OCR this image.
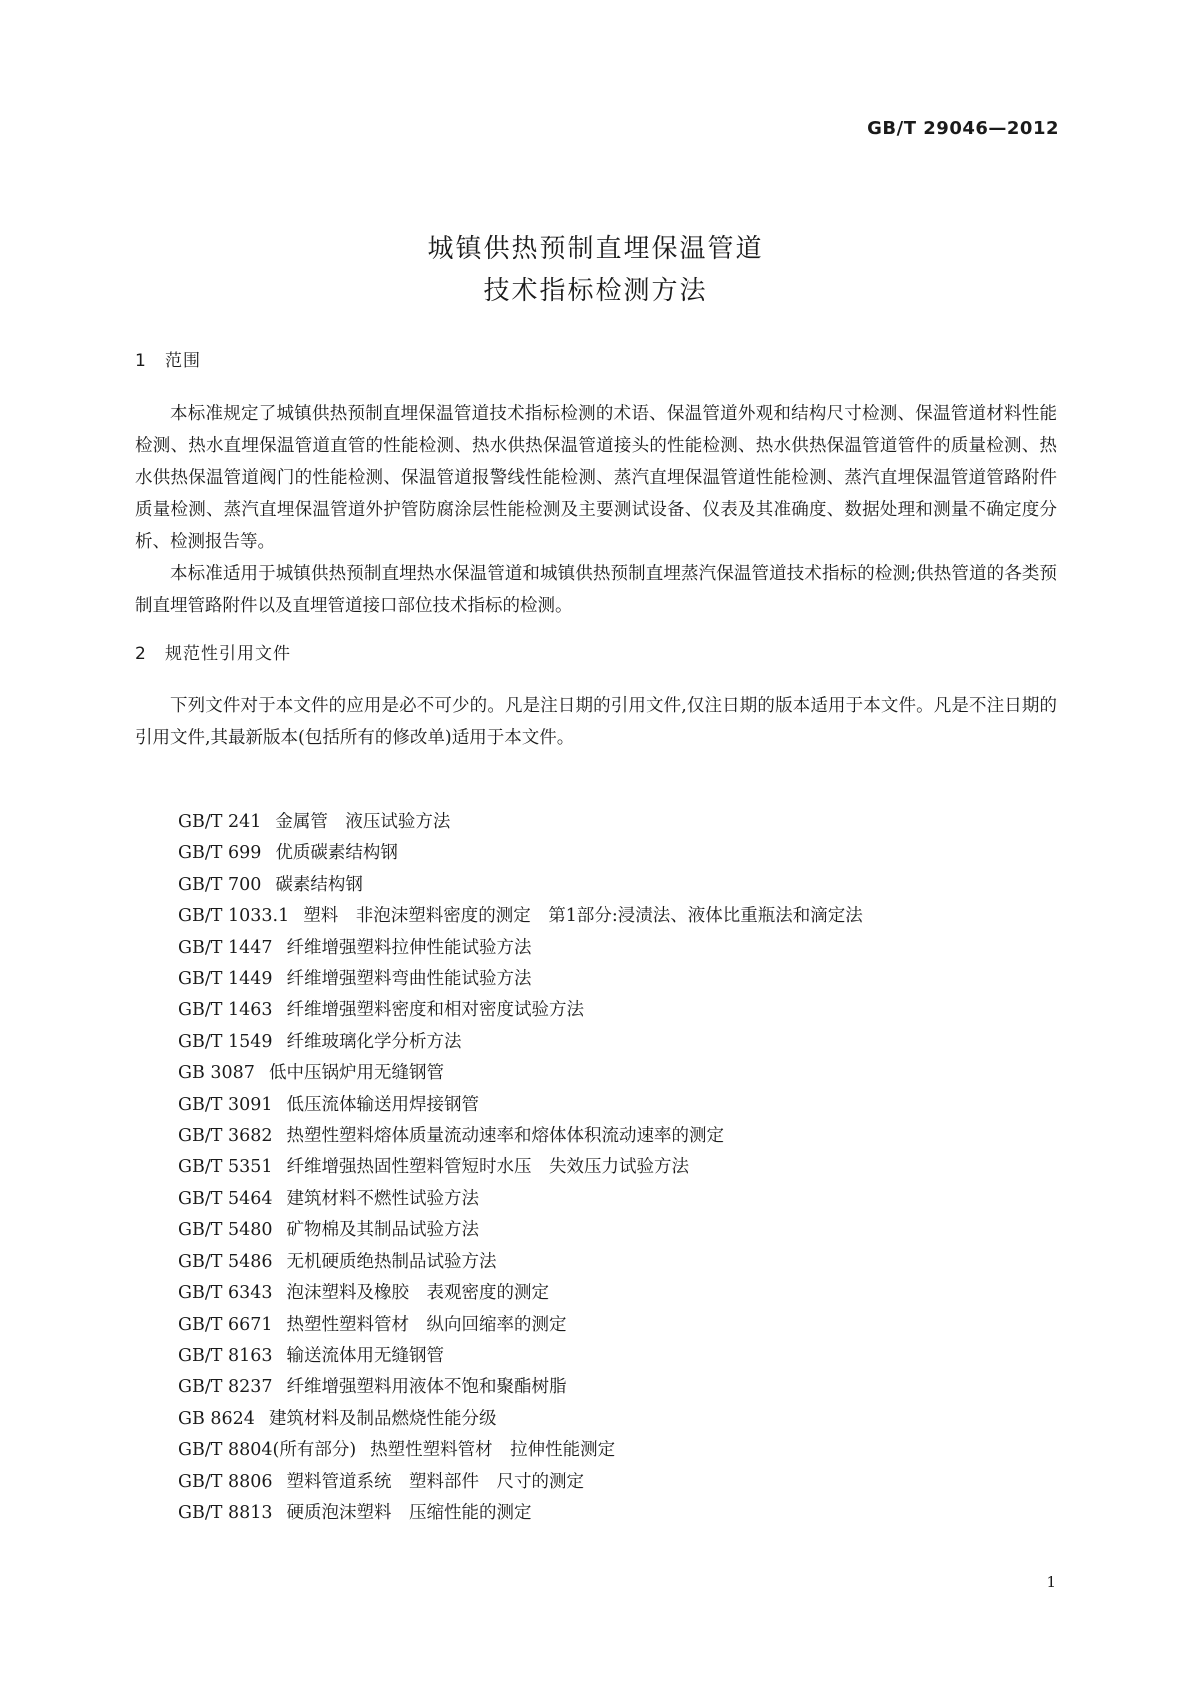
GB/T 29046—2012
城镇供热预制直埋保温管道
技术指标检测方法
1 范围

本标准规定了城镇供热预制直埋保温管道技术指标检测的术语、保温管道外观和结构尺寸检测、保温管道材料性能检测、热水直埋保温管道直管的性能检测、热水供热保温管道接头的性能检测、热水供热保温管道管件的质量检测、热水供热保温管道阀门的性能检测、保温管道报警线性能检测、蒸汽直埋保温管道性能检测、蒸汽直埋保温管道管路附件质量检测、蒸汽直埋保温管道外护管防腐涂层性能检测及主要测试设备、仪表及其准确度、数据处理和测量不确定度分析、检测报告等。

本标准适用于城镇供热预制直埋热水保温管道和城镇供热预制直埋蒸汽保温管道技术指标的检测;供热管道的各类预制直埋管路附件以及直埋管道接口部位技术指标的检测。

2 规范性引用文件

下列文件对于本文件的应用是必不可少的。凡是注日期的引用文件,仅注日期的版本适用于本文件。凡是不注日期的引用文件,其最新版本(包括所有的修改单)适用于本文件。

GB/T 241 金属管　液压试验方法
GB/T 699 优质碳素结构钢
GB/T 700 碳素结构钢
GB/T 1033.1 塑料　非泡沫塑料密度的测定　第1部分:浸渍法、液体比重瓶法和滴定法
GB/T 1447 纤维增强塑料拉伸性能试验方法
GB/T 1449 纤维增强塑料弯曲性能试验方法
GB/T 1463 纤维增强塑料密度和相对密度试验方法
GB/T 1549 纤维玻璃化学分析方法
GB 3087 低中压锅炉用无缝钢管
GB/T 3091 低压流体输送用焊接钢管
GB/T 3682 热塑性塑料熔体质量流动速率和熔体体积流动速率的测定
GB/T 5351 纤维增强热固性塑料管短时水压　失效压力试验方法
GB/T 5464 建筑材料不燃性试验方法
GB/T 5480 矿物棉及其制品试验方法
GB/T 5486 无机硬质绝热制品试验方法
GB/T 6343 泡沫塑料及橡胶　表观密度的测定
GB/T 6671 热塑性塑料管材　纵向回缩率的测定
GB/T 8163 输送流体用无缝钢管
GB/T 8237 纤维增强塑料用液体不饱和聚酯树脂
GB 8624 建筑材料及制品燃烧性能分级
GB/T 8804(所有部分) 热塑性塑料管材　拉伸性能测定
GB/T 8806 塑料管道系统　塑料部件　尺寸的测定
GB/T 8813 硬质泡沫塑料　压缩性能的测定
1
